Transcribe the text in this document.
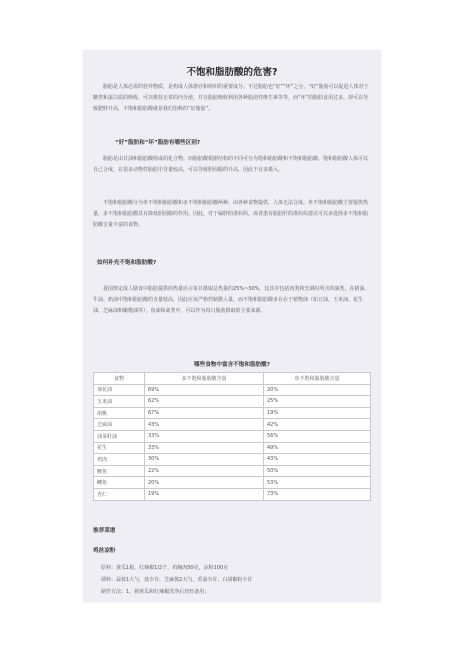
不饱和脂肪酸的危害?

脂肪是人体必需的营养物质，是构成人体器官和组织的重要成分。不过脂肪也“好”“坏”之分，“好”脂肪可以促进人体对于糖类和蛋白质的吸收，可以维持正常的内分泌，并且脂肪吸收利用各种脂溶性维生素等等，而“坏”的脂肪食用过多，却可以导致肥胖升高，不饱和脂肪酸就是我们俗称的“好脂肪”。

“好”脂肪和“坏”脂肪有哪些区别?

脂肪是由甘油和脂肪酸组成的化合物。而脂肪酸根据结构的不同可分为饱和脂肪酸和不饱和脂肪酸。饱和脂肪酸人体可以自己合成，在很多动物性脂肪中含量较高，可以导致胆固醇的升高，因此不宜多摄入。

不饱和脂肪酸分为单不饱和脂肪酸和多不饱和脂肪酸两种，由各种食物提供，人体无法合成。单不饱和脂肪酸主要提供热量，多不饱和脂肪酸具有降低胆固醇的作用。因此，对于偏胖的准妈妈，或者患有脂肪肝的准妈妈建议可以多选择多不饱和脂肪酸含量丰富的食物。

如何补充不饱和脂肪酸?

我国规定成人膳食中脂肪提供的热量应占每日摄取总热量的25%~30%，这其中包括肉类和烹调时所含的油类。在猪油、牛油、奶油中饱和脂肪酸的含量较高，因此应该严格控制摄入量。而不饱和脂肪酸多存在于植物油（如豆油、玉米油、花生油、芝麻油和橄榄油等），鱼油和禽类中，可以作为每日脂肪摄取的主要来源。

哪些食物中富含不饱和脂肪酸?
食物	多不饱和脂肪酸含量	单不饱和脂肪酸含量
葵花油	69%	20%
玉米油	62%	25%
胡桃	67%	19%
芝麻油	43%	42%
油菜籽油	33%	56%
花生	33%	49%
鸡肉	30%	43%
鲤鱼	22%	50%
鲫鱼	20%	53%
杏仁	19%	73%
推荐菜谱
鸡丝凉粉
原料：黄瓜1根，红辣椒1/2个，鸡胸肉50克，凉粉100克
调料：蒜蓉1大勺，盐少许，芝麻酱2大勺，香油少许，白胡椒粉少许
制作方法：1、将黄瓜和红辣椒洗净后切丝备用；
